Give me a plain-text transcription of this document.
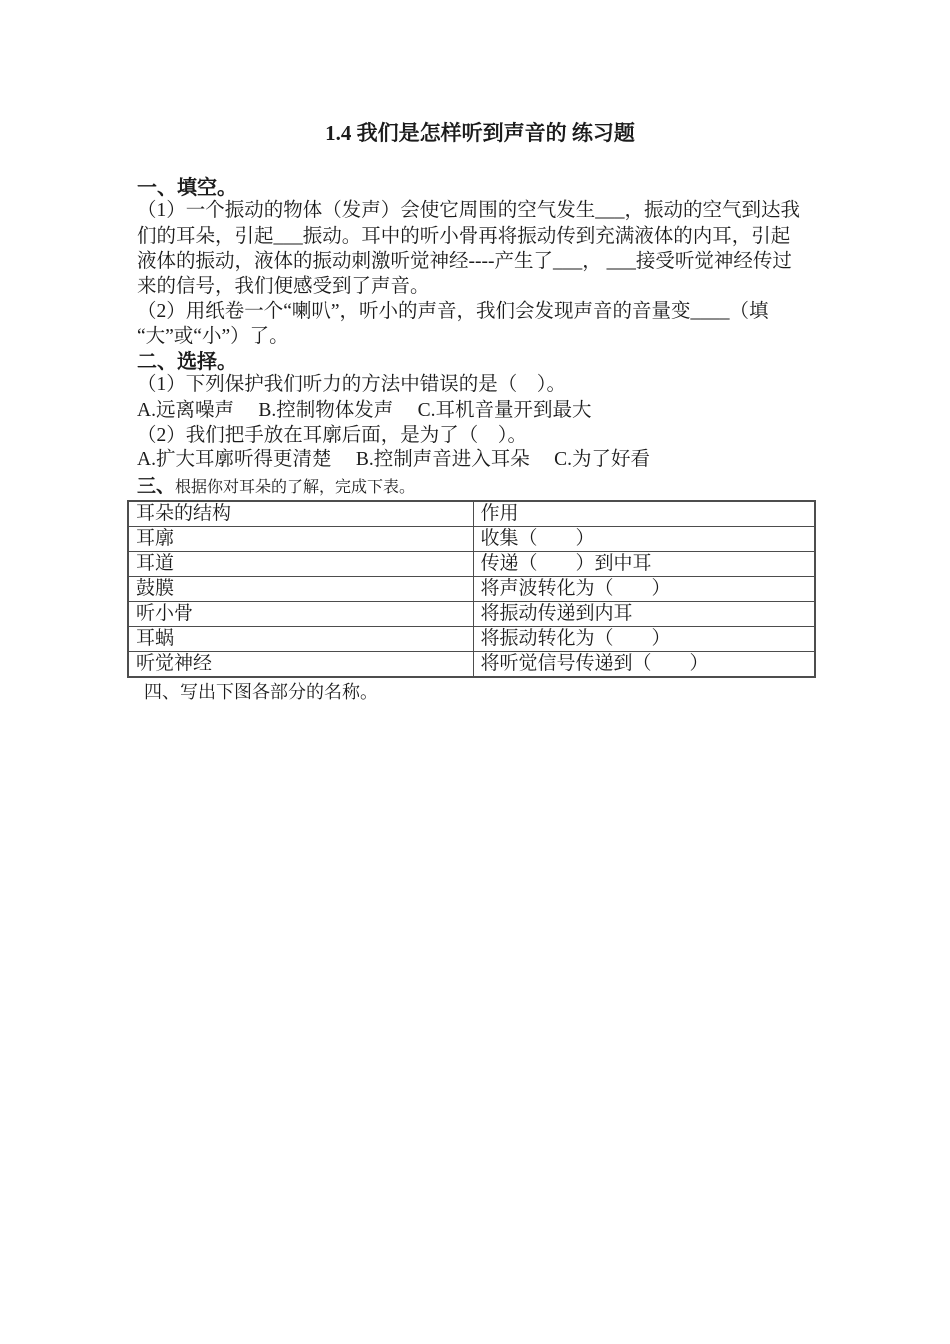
1.4 我们是怎样听到声音的 练习题
一、填空。
（1）一个振动的物体（发声）会使它周围的空气发生___，振动的空气到达我
们的耳朵，引起___振动。耳中的听小骨再将振动传到充满液体的内耳，引起
液体的振动，液体的振动刺激听觉神经----产生了___， ___接受听觉神经传过
来的信号，我们便感受到了声音。
（2）用纸卷一个“喇叭”，听小的声音，我们会发现声音的音量变____（填
“大”或“小”）了。
二、选择。
（1）下列保护我们听力的方法中错误的是（　）。
A.远离噪声　 B.控制物体发声　 C.耳机音量开到最大
（2）我们把手放在耳廓后面，是为了（　）。
A.扩大耳廓听得更清楚　 B.控制声音进入耳朵　 C.为了好看
三、根据你对耳朵的了解，完成下表。
耳朵的结构	作用
耳廓	收集（　　）
耳道	传递（　　）到中耳
鼓膜	将声波转化为（　　）
听小骨	将振动传递到内耳
耳蜗	将振动转化为（　　）
听觉神经	将听觉信号传递到（　　）
四、写出下图各部分的名称。
